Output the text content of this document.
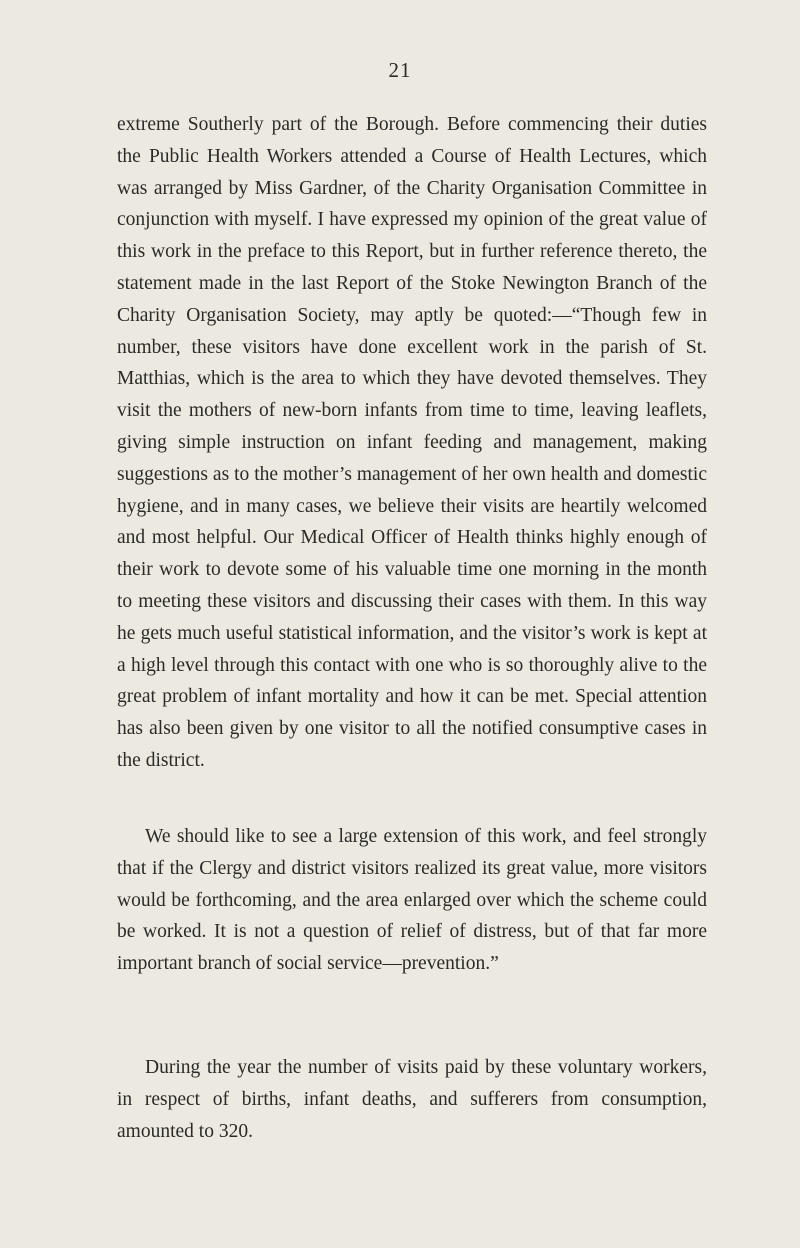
21
extreme Southerly part of the Borough. Before commencing their duties the Public Health Workers attended a Course of Health Lectures, which was arranged by Miss Gardner, of the Charity Organisation Committee in conjunction with myself. I have expressed my opinion of the great value of this work in the preface to this Report, but in further reference thereto, the statement made in the last Report of the Stoke Newington Branch of the Charity Organisation Society, may aptly be quoted:—“Though few in number, these visitors have done excellent work in the parish of St. Matthias, which is the area to which they have devoted themselves. They visit the mothers of new-born infants from time to time, leaving leaflets, giving simple instruction on infant feeding and management, making suggestions as to the mother’s management of her own health and domestic hygiene, and in many cases, we believe their visits are heartily welcomed and most helpful. Our Medical Officer of Health thinks highly enough of their work to devote some of his valuable time one morning in the month to meeting these visitors and discussing their cases with them. In this way he gets much useful statistical information, and the visitor’s work is kept at a high level through this contact with one who is so thoroughly alive to the great problem of infant mortality and how it can be met. Special attention has also been given by one visitor to all the notified consumptive cases in the district.
We should like to see a large extension of this work, and feel strongly that if the Clergy and district visitors realized its great value, more visitors would be forthcoming, and the area enlarged over which the scheme could be worked. It is not a question of relief of distress, but of that far more important branch of social service—prevention.”
During the year the number of visits paid by these voluntary workers, in respect of births, infant deaths, and sufferers from consumption, amounted to 320.
